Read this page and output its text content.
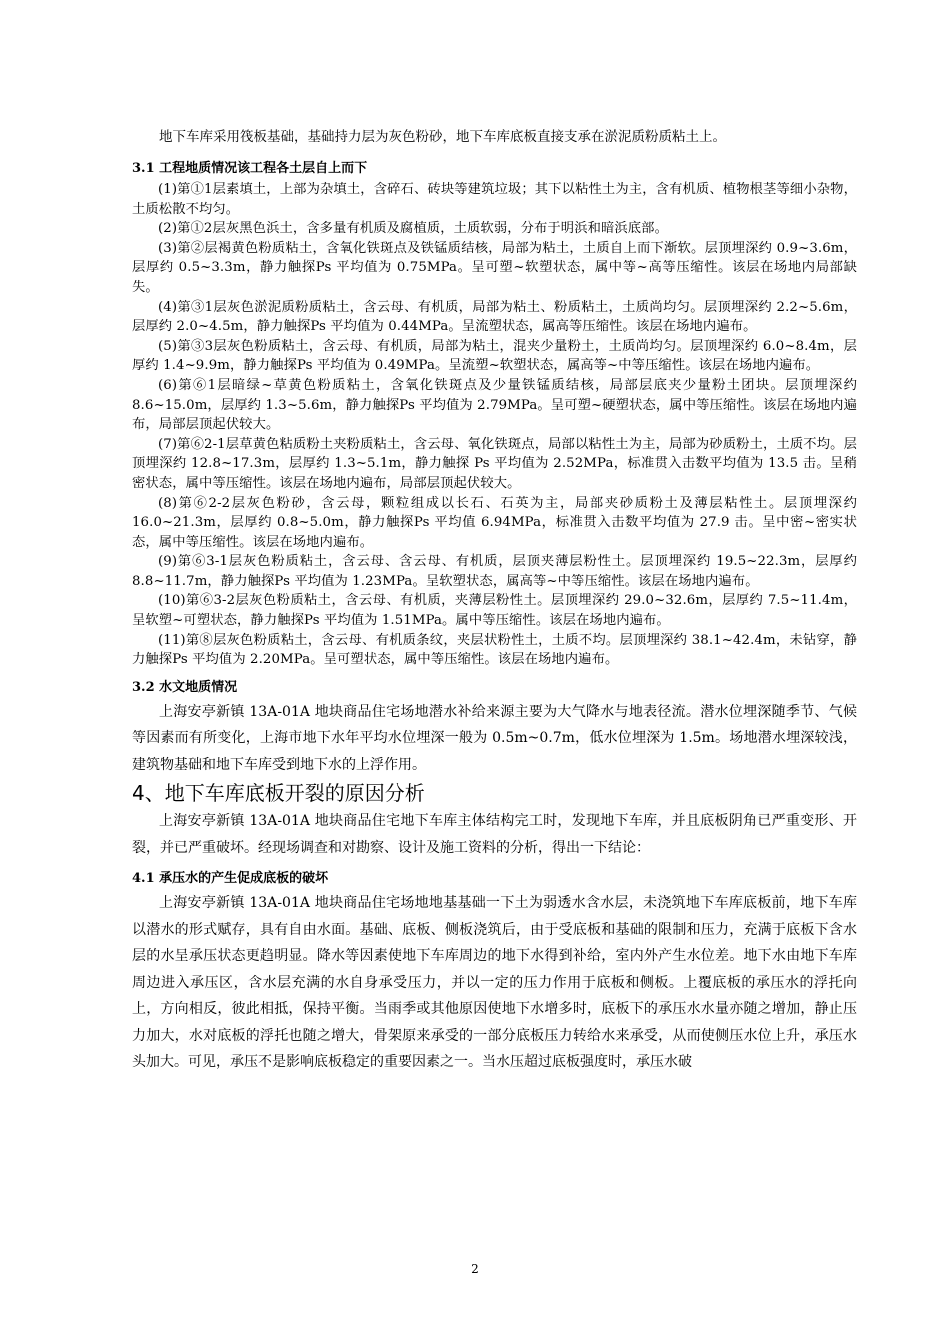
地下车库采用筏板基础，基础持力层为灰色粉砂，地下车库底板直接支承在淤泥质粉质粘土上。

3.1 工程地质情况该工程各土层自上而下

(1)第①1层素填土，上部为杂填土，含碎石、砖块等建筑垃圾；其下以粘性土为主，含有机质、植物根茎等细小杂物，土质松散不均匀。

(2)第①2层灰黑色浜土，含多量有机质及腐植质，土质软弱，分布于明浜和暗浜底部。

(3)第②层褐黄色粉质粘土，含氧化铁斑点及铁锰质结核，局部为粘土，土质自上而下渐软。层顶埋深约 0.9~3.6m，层厚约 0.5~3.3m，静力触探Ps 平均值为 0.75MPa。呈可塑~软塑状态，属中等~高等压缩性。该层在场地内局部缺失。

(4)第③1层灰色淤泥质粉质粘土，含云母、有机质，局部为粘土、粉质粘土，土质尚均匀。层顶埋深约 2.2~5.6m，层厚约 2.0~4.5m，静力触探Ps 平均值为 0.44MPa。呈流塑状态，属高等压缩性。该层在场地内遍布。

(5)第③3层灰色粉质粘土，含云母、有机质，局部为粘土，混夹少量粉土，土质尚均匀。层顶埋深约 6.0~8.4m，层厚约 1.4~9.9m，静力触探Ps 平均值为 0.49MPa。呈流塑~软塑状态，属高等~中等压缩性。该层在场地内遍布。

(6)第⑥1层暗绿~草黄色粉质粘土，含氧化铁斑点及少量铁锰质结核，局部层底夹少量粉土团块。层顶埋深约 8.6~15.0m，层厚约 1.3~5.6m，静力触探Ps 平均值为 2.79MPa。呈可塑~硬塑状态，属中等压缩性。该层在场地内遍布，局部层顶起伏较大。

(7)第⑥2-1层草黄色粘质粉土夹粉质粘土，含云母、氧化铁斑点，局部以粘性土为主，局部为砂质粉土，土质不均。层顶埋深约 12.8~17.3m，层厚约 1.3~5.1m，静力触探 Ps 平均值为 2.52MPa，标准贯入击数平均值为 13.5 击。呈稍密状态，属中等压缩性。该层在场地内遍布，局部层顶起伏较大。

(8)第⑥2-2层灰色粉砂，含云母，颗粒组成以长石、石英为主，局部夹砂质粉土及薄层粘性土。层顶埋深约 16.0~21.3m，层厚约 0.8~5.0m，静力触探Ps 平均值 6.94MPa，标准贯入击数平均值为 27.9 击。呈中密~密实状态，属中等压缩性。该层在场地内遍布。

(9)第⑥3-1层灰色粉质粘土，含云母、含云母、有机质，层顶夹薄层粉性土。层顶埋深约 19.5~22.3m，层厚约 8.8~11.7m，静力触探Ps 平均值为 1.23MPa。呈软塑状态，属高等~中等压缩性。该层在场地内遍布。

(10)第⑥3-2层灰色粉质粘土，含云母、有机质，夹薄层粉性土。层顶埋深约 29.0~32.6m，层厚约 7.5~11.4m，呈软塑~可塑状态，静力触探Ps 平均值为 1.51MPa。属中等压缩性。该层在场地内遍布。

(11)第⑧层灰色粉质粘土，含云母、有机质条纹，夹层状粉性土，土质不均。层顶埋深约 38.1~42.4m，未钻穿，静力触探Ps 平均值为 2.20MPa。呈可塑状态，属中等压缩性。该层在场地内遍布。

3.2 水文地质情况

上海安亭新镇 13A-01A 地块商品住宅场地潜水补给来源主要为大气降水与地表径流。潜水位埋深随季节、气候等因素而有所变化，上海市地下水年平均水位埋深一般为 0.5m~0.7m，低水位埋深为 1.5m。场地潜水埋深较浅，建筑物基础和地下车库受到地下水的上浮作用。

4、地下车库底板开裂的原因分析

上海安亭新镇 13A-01A 地块商品住宅地下车库主体结构完工时，发现地下车库，并且底板阴角已严重变形、开裂，并已严重破坏。经现场调查和对勘察、设计及施工资料的分析，得出一下结论：

4.1 承压水的产生促成底板的破坏

上海安亭新镇 13A-01A 地块商品住宅场地地基基础一下土为弱透水含水层，未浇筑地下车库底板前，地下车库以潜水的形式赋存，具有自由水面。基础、底板、侧板浇筑后，由于受底板和基础的限制和压力，充满于底板下含水层的水呈承压状态更趋明显。降水等因素使地下车库周边的地下水得到补给，室内外产生水位差。地下水由地下车库周边进入承压区，含水层充满的水自身承受压力，并以一定的压力作用于底板和侧板。上覆底板的承压水的浮托向上，方向相反，彼此相抵，保持平衡。当雨季或其他原因使地下水增多时，底板下的承压水水量亦随之增加，静止压力加大，水对底板的浮托也随之增大，骨架原来承受的一部分底板压力转给水来承受，从而使侧压水位上升，承压水头加大。可见，承压不是影响底板稳定的重要因素之一。当水压超过底板强度时，承压水破

2
